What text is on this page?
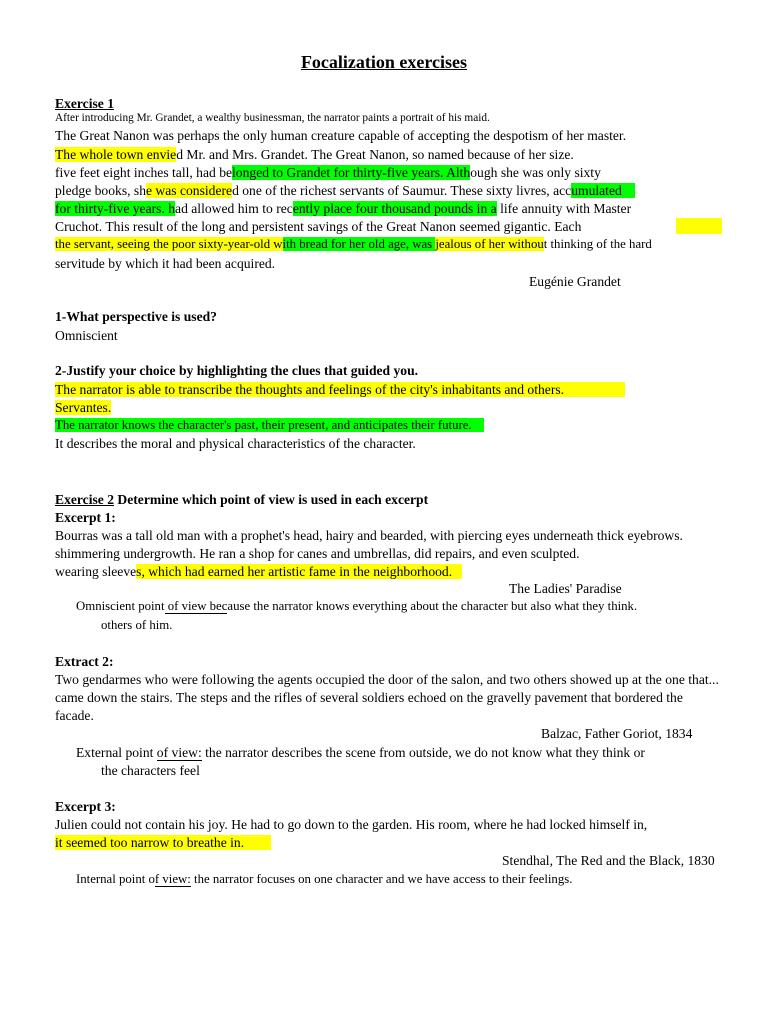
Focalization exercises
Exercise 1
After introducing Mr. Grandet, a wealthy businessman, the narrator paints a portrait of his maid.
The Great Nanon was perhaps the only human creature capable of accepting the despotism of her master.
The whole town envied Mr. and Mrs. Grandet. The Great Nanon, so named because of her size.
five feet eight inches tall, had belonged to Grandet for thirty-five years. Although she was only sixty
pledge books, she was considered one of the richest servants of Saumur. These sixty livres, accumulated
for thirty-five years. had allowed him to recently place four thousand pounds in a life annuity with Master
Cruchot. This result of the long and persistent savings of the Great Nanon seemed gigantic. Each
the servant, seeing the poor sixty-year-old with bread for her old age, was jealous of her without thinking of the hard
servitude by which it had been acquired.
Eugénie Grandet
1-What perspective is used?
Omniscient
2-Justify your choice by highlighting the clues that guided you.
The narrator is able to transcribe the thoughts and feelings of the city's inhabitants and others.
Servantes.
The narrator knows the character's past, their present, and anticipates their future.
It describes the moral and physical characteristics of the character.
Exercise 2 Determine which point of view is used in each excerpt
Excerpt 1:
Bourras was a tall old man with a prophet's head, hairy and bearded, with piercing eyes underneath thick eyebrows.
shimmering undergrowth. He ran a shop for canes and umbrellas, did repairs, and even sculpted.
wearing sleeves, which had earned her artistic fame in the neighborhood.
The Ladies' Paradise
Omniscient point of view because the narrator knows everything about the character but also what they think.
others of him.
Extract 2:
Two gendarmes who were following the agents occupied the door of the salon, and two others showed up at the one that...
came down the stairs. The steps and the rifles of several soldiers echoed on the gravelly pavement that bordered the
facade.
Balzac, Father Goriot, 1834
External point of view: the narrator describes the scene from outside, we do not know what they think or
the characters feel
Excerpt 3:
Julien could not contain his joy. He had to go down to the garden. His room, where he had locked himself in,
it seemed too narrow to breathe in.
Stendhal, The Red and the Black, 1830
Internal point of view: the narrator focuses on one character and we have access to their feelings.
